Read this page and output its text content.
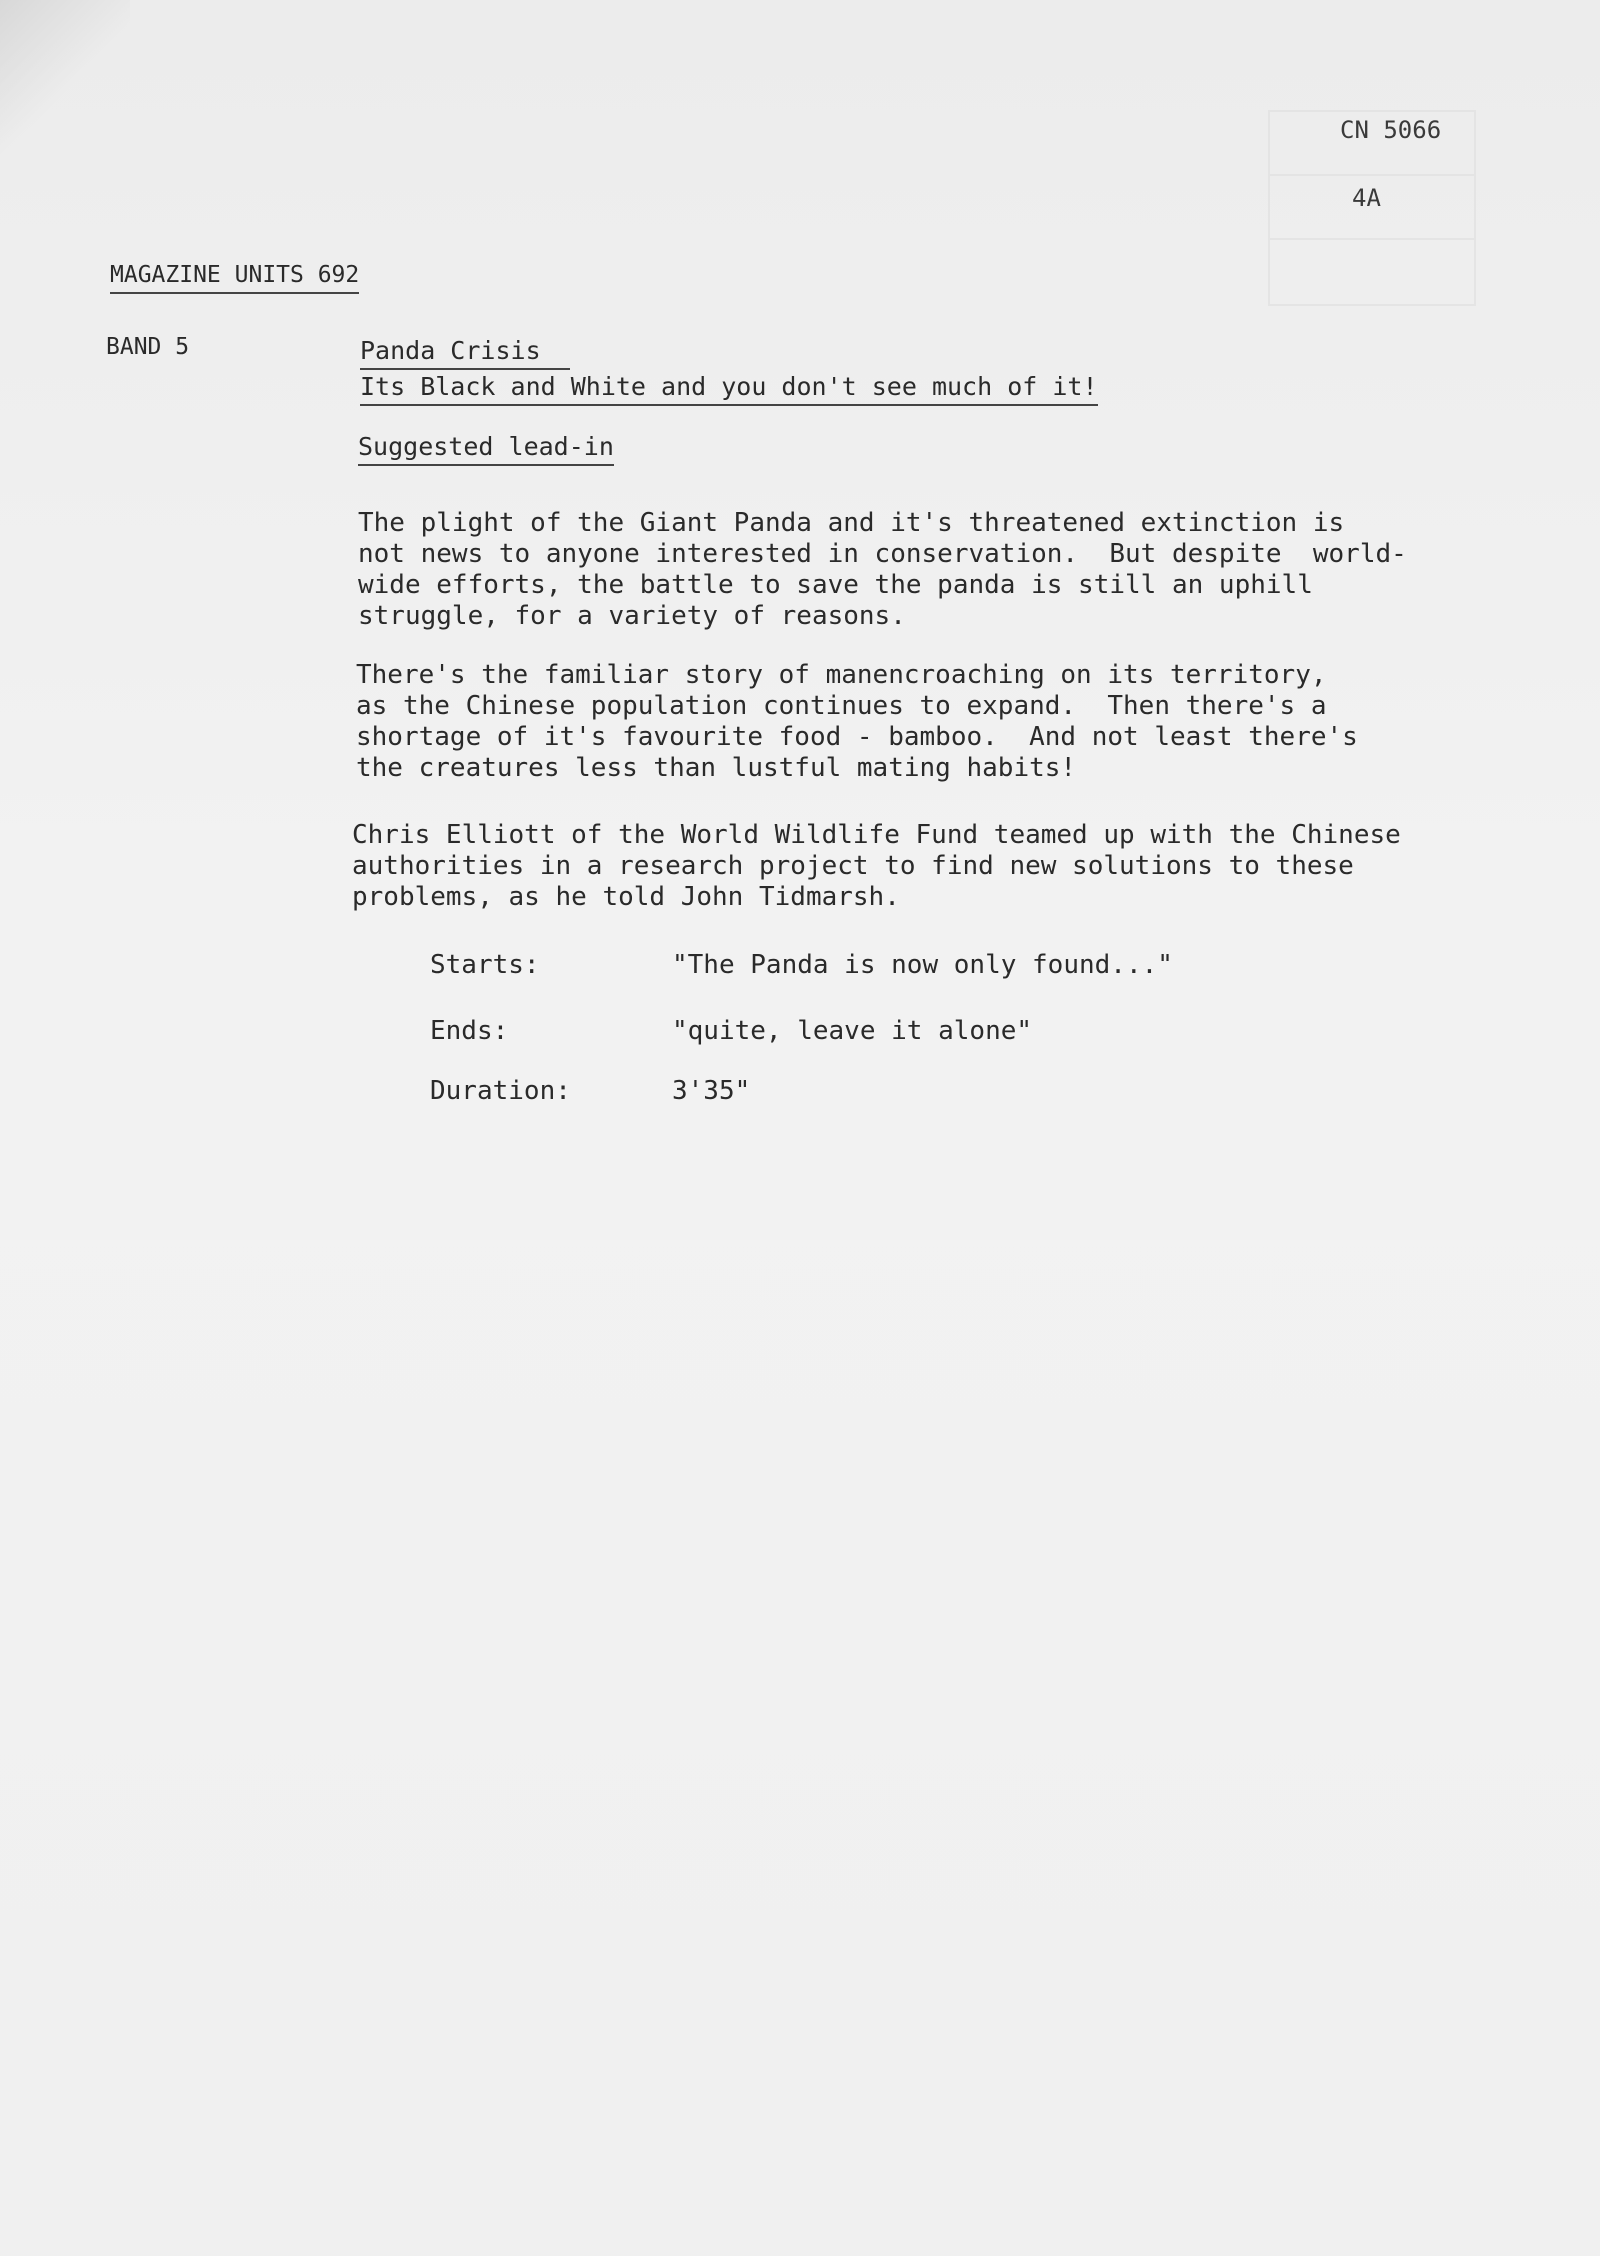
CN 5066
4A
MAGAZINE UNITS 692
BAND 5	Panda Crisis
Its Black and White and you don't see much of it!
Suggested lead-in

The plight of the Giant Panda and it's threatened extinction is
not news to anyone interested in conservation.  But despite  world-
wide efforts, the battle to save the panda is still an uphill
struggle, for a variety of reasons.

There's the familiar story of manencroaching on its territory,
as the Chinese population continues to expand.  Then there's a
shortage of it's favourite food - bamboo.  And not least there's
the creatures less than lustful mating habits!

Chris Elliott of the World Wildlife Fund teamed up with the Chinese
authorities in a research project to find new solutions to these
problems, as he told John Tidmarsh.

Starts:	"The Panda is now only found..."
Ends:	"quite, leave it alone"
Duration:	3'35"
